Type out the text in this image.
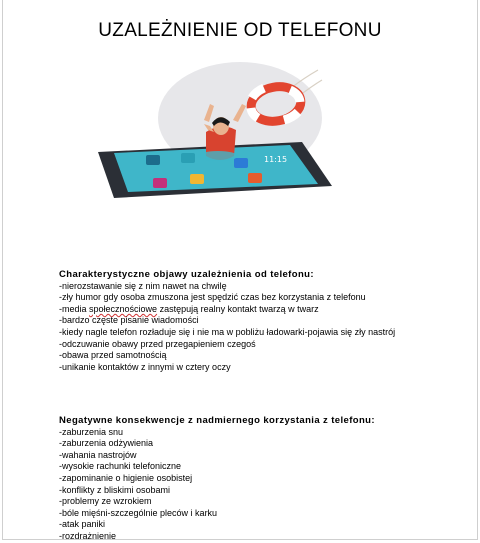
UZALEŻNIENIE OD TELEFONU
11:15
Charakterystyczne objawy uzależnienia od telefonu:
-nierozstawanie się z nim nawet na chwilę
-zły humor gdy osoba zmuszona jest spędzić czas bez korzystania z telefonu
-media społecznościowe zastępują realny kontakt twarzą w twarz
-bardzo częste pisanie wiadomości
-kiedy nagle telefon rozładuje się i nie ma w pobliżu ładowarki-pojawia się zły nastrój
-odczuwanie obawy przed przegapieniem czegoś
-obawa przed samotnością
-unikanie kontaktów z innymi w cztery oczy
Negatywne konsekwencje z nadmiernego korzystania z telefonu:
-zaburzenia snu
-zaburzenia odżywienia
-wahania nastrojów
-wysokie rachunki telefoniczne
-zapominanie o higienie osobistej
-konflikty z bliskimi osobami
-problemy ze wzrokiem
-bóle mięśni-szczególnie pleców i karku
-atak paniki
-rozdrażnienie
